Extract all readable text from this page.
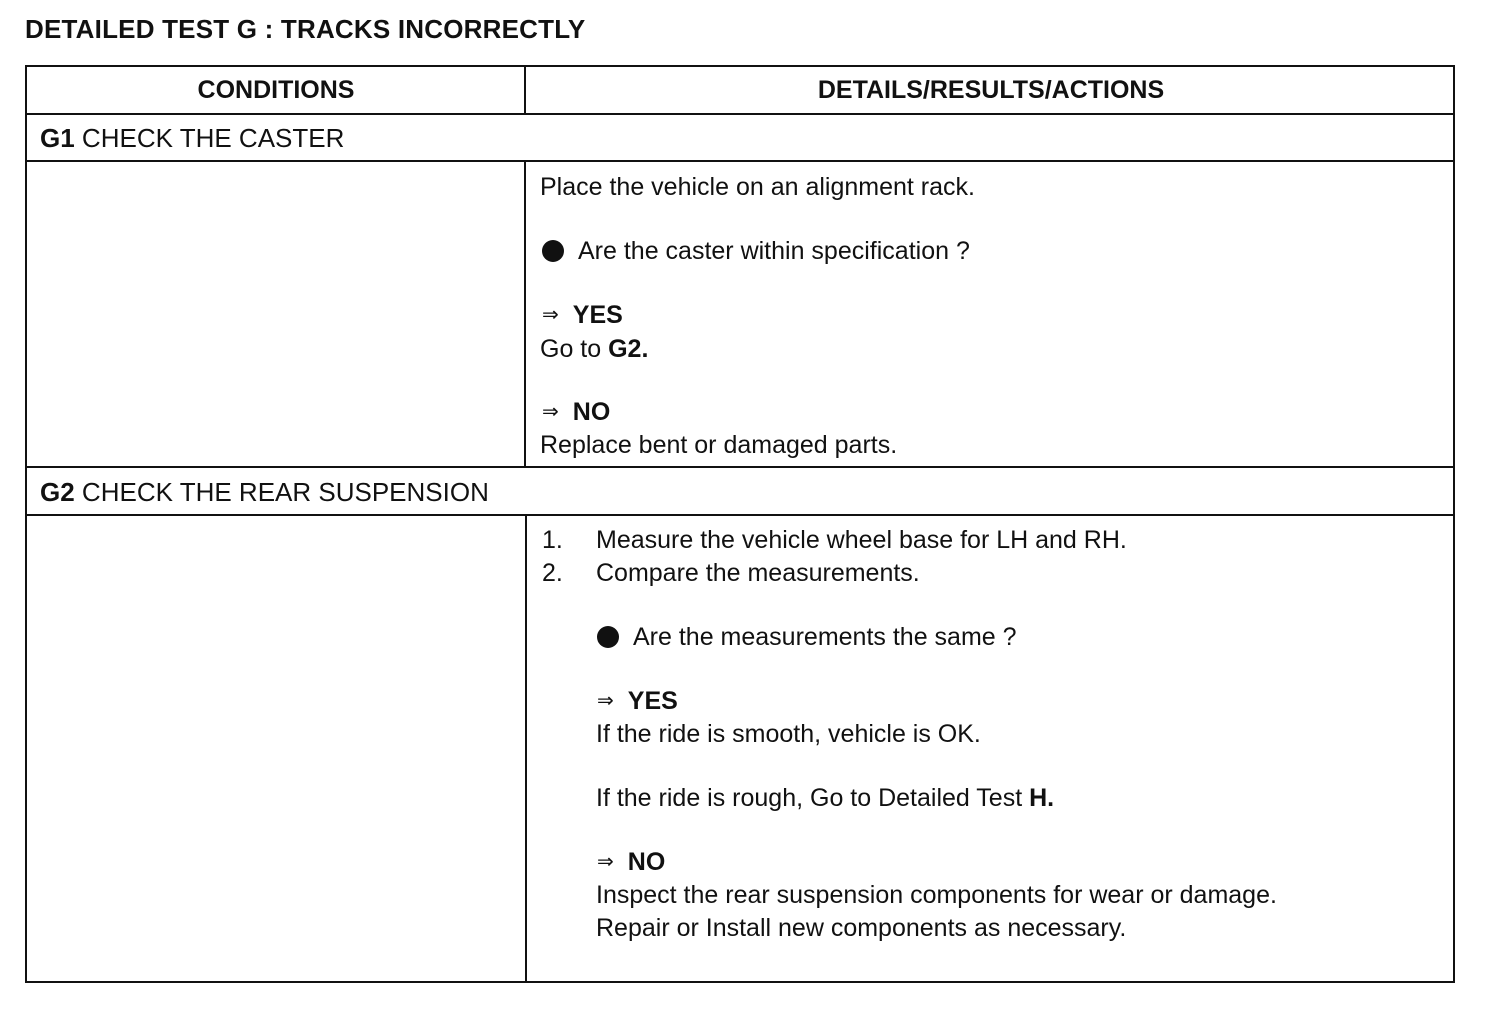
DETAILED TEST G : TRACKS INCORRECTLY
CONDITIONS	DETAILS/RESULTS/ACTIONS
G1 CHECK THE CASTER
Place the vehicle on an alignment rack.
Are the caster within specification ?
⇒ YES
Go to G2.
⇒ NO
Replace bent or damaged parts.
G2 CHECK THE REAR SUSPENSION
1. Measure the vehicle wheel base for LH and RH.
2. Compare the measurements.
Are the measurements the same ?
⇒ YES
If the ride is smooth, vehicle is OK.
If the ride is rough, Go to Detailed Test H.
⇒ NO
Inspect the rear suspension components for wear or damage.
Repair or Install new components as necessary.
